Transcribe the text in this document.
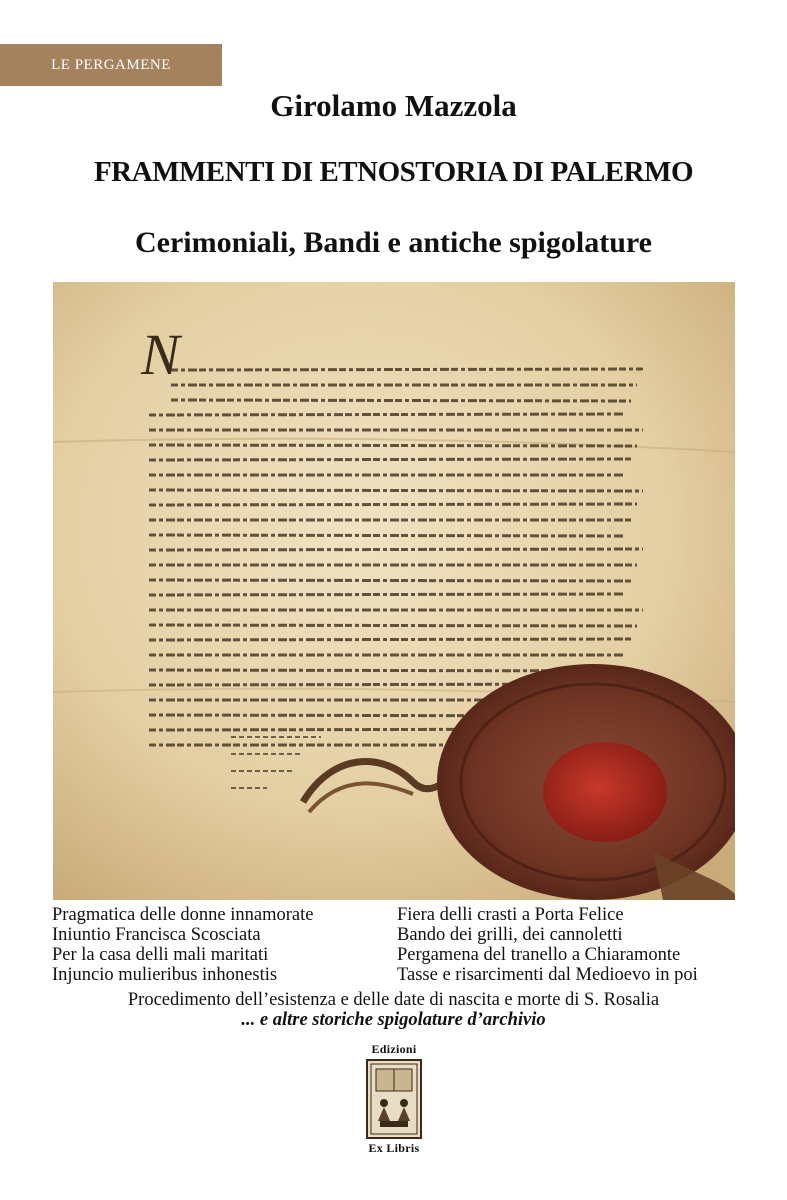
LE PERGAMENE
Girolamo Mazzola
FRAMMENTI DI ETNOSTORIA DI PALERMO
Cerimoniali, Bandi e antiche spigolature
N
Pragmatica delle donne innamorate
Iniuntio Francisca Scosciata
Per la casa delli mali maritati
Injuncio mulieribus inhonestis
Fiera delli crasti a Porta Felice
Bando dei grilli, dei cannoletti
Pergamena del tranello a Chiaramonte
Tasse e risarcimenti dal Medioevo in poi
Procedimento dell’esistenza e delle date di nascita e morte di S. Rosalia
... e altre storiche spigolature d’archivio
Edizioni
Ex Libris
